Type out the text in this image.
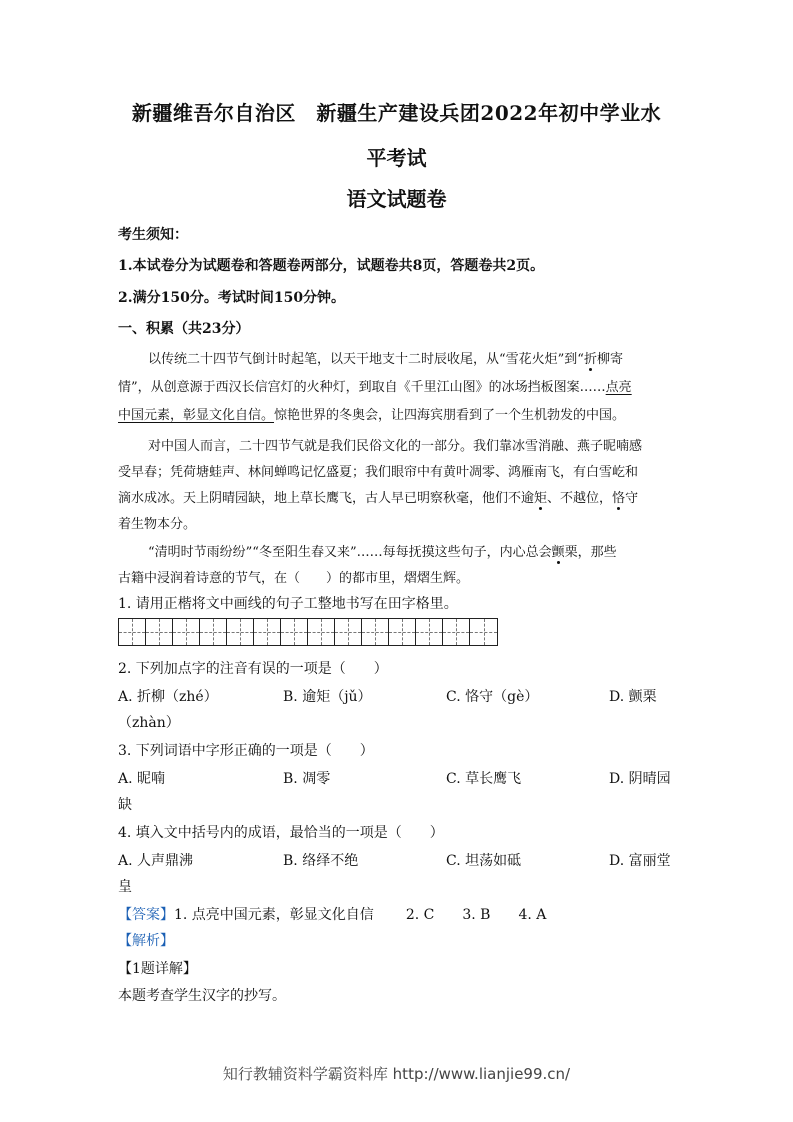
新疆维吾尔自治区　新疆生产建设兵团2022年初中学业水
平考试
语文试题卷
考生须知：
1.本试卷分为试题卷和答题卷两部分，试题卷共8页，答题卷共2页。
2.满分150分。考试时间150分钟。
一、积累（共23分）
以传统二十四节气倒计时起笔，以天干地支十二时辰收尾，从“雪花火炬”到“折柳寄
情”，从创意源于西汉长信宫灯的火种灯，到取自《千里江山图》的冰场挡板图案……点亮
中国元素，彰显文化自信。惊艳世界的冬奥会，让四海宾朋看到了一个生机勃发的中国。
对中国人而言，二十四节气就是我们民俗文化的一部分。我们靠冰雪消融、燕子昵喃感
受早春；凭荷塘蛙声、林间蝉鸣记忆盛夏；我们眼帘中有黄叶凋零、鸿雁南飞，有白雪屹和
滴水成冰。天上阴晴园缺，地上草长鹰飞，古人早已明察秋毫，他们不逾矩、不越位，恪守
着生物本分。
“清明时节雨纷纷”“冬至阳生春又来”……每每抚摸这些句子，内心总会颤栗，那些
古籍中浸润着诗意的节气，在（　　）的都市里，熠熠生辉。
1. 请用正楷将文中画线的句子工整地书写在田字格里。
2. 下列加点字的注音有误的一项是（　　）
A. 折柳（zhé）	B. 逾矩（jǔ）	C. 恪守（gè）	D. 颤栗
（zhàn）
3. 下列词语中字形正确的一项是（　　）
A. 昵喃	B. 凋零	C. 草长鹰飞	D. 阴晴园
缺
4. 填入文中括号内的成语，最恰当的一项是（　　）
A. 人声鼎沸	B. 络绎不绝	C. 坦荡如砥	D. 富丽堂
皇
【答案】1. 点亮中国元素，彰显文化自信 2. C 3. B 4. A
【解析】
【1题详解】
本题考查学生汉字的抄写。
知行教辅资料学霸资料库 http://www.lianjie99.cn/
